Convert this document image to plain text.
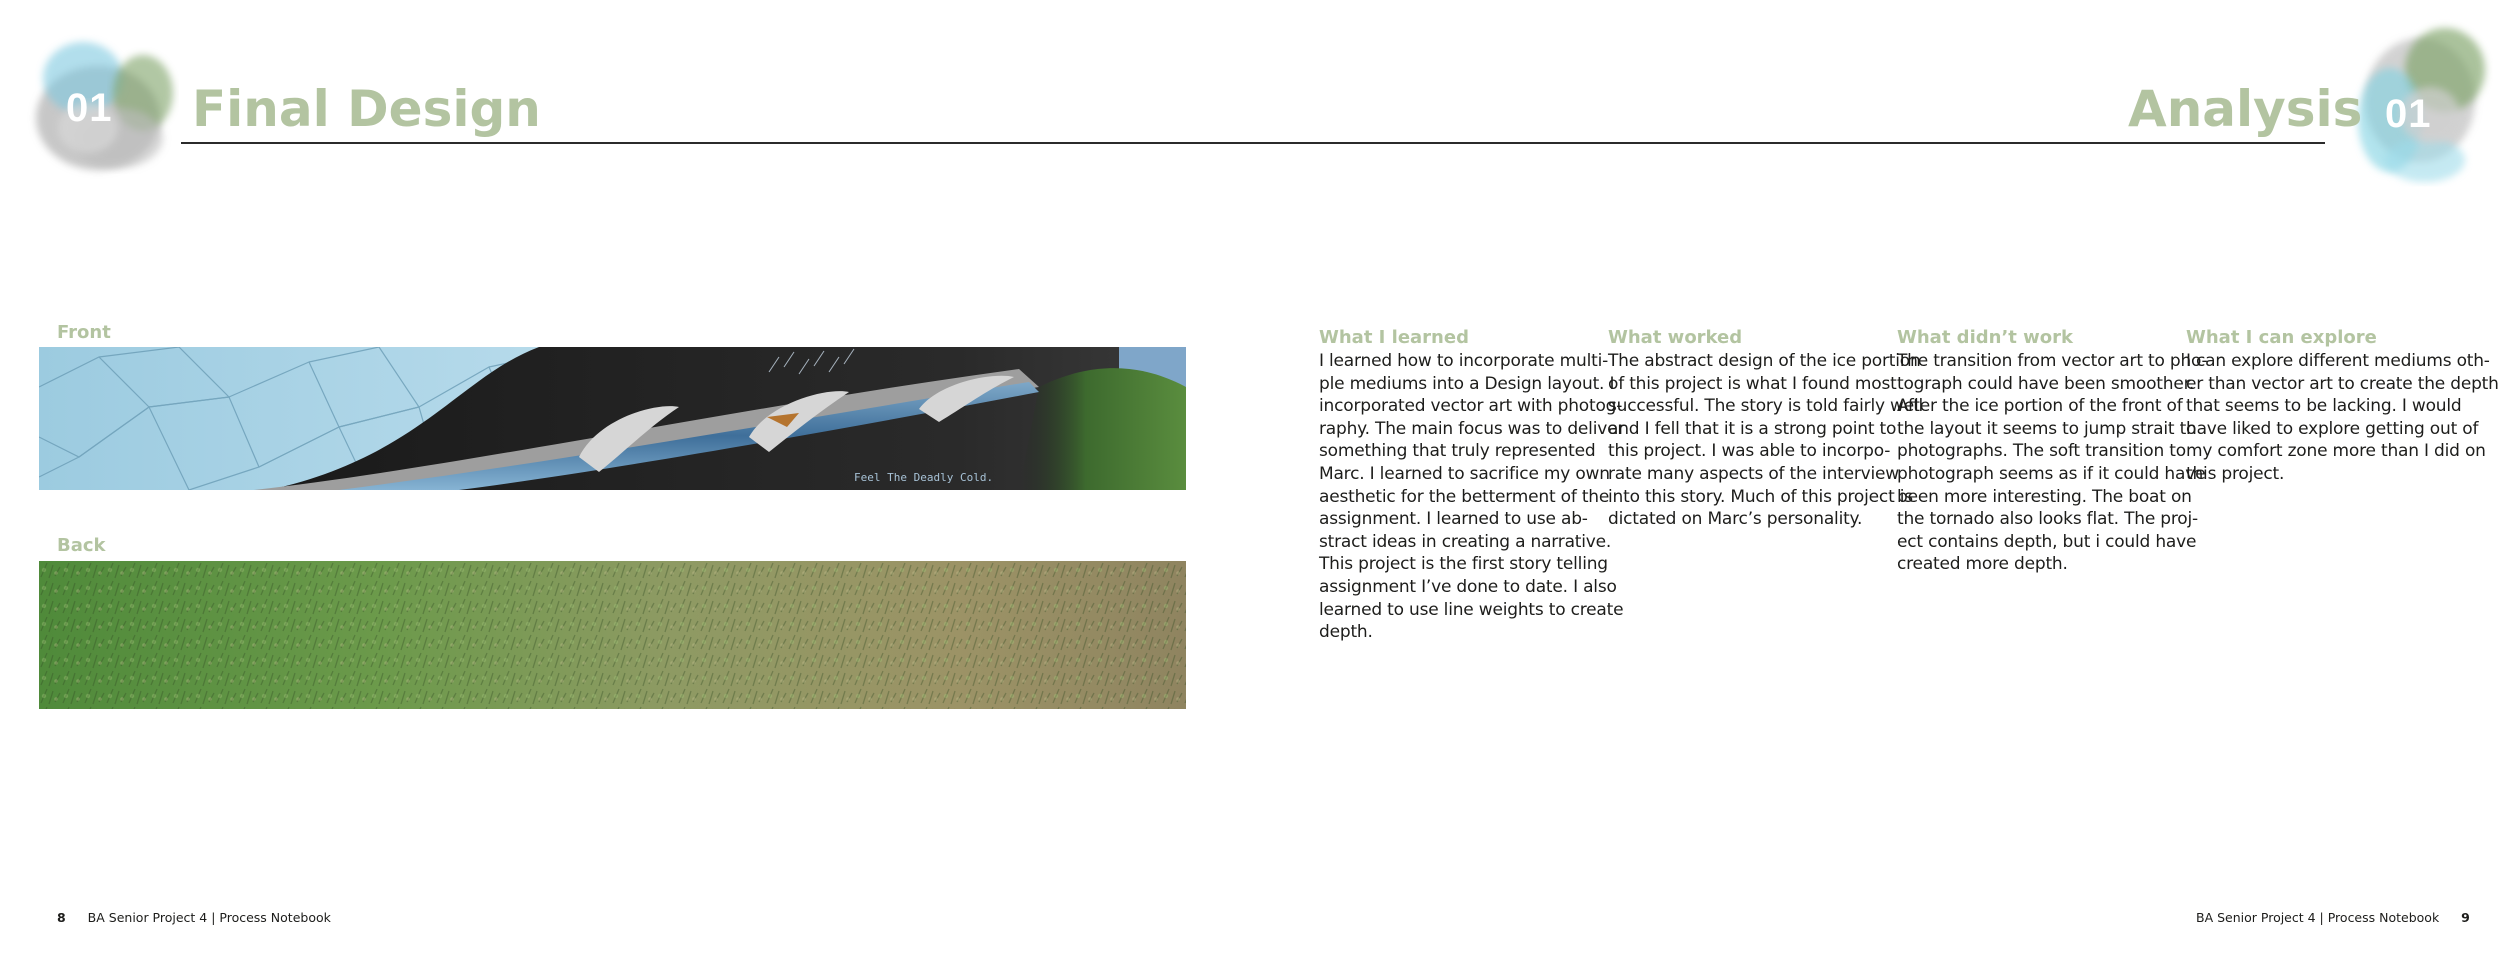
01 Final Design	01
Analysis
Front
Feel The Deadly Cold.
Back
What I learned
I learned how to incorporate multi-
ple mediums into a Design layout. I
incorporated vector art with photog-
raphy. The main focus was to deliver
something that truly represented
Marc. I learned to sacrifice my own
aesthetic for the betterment of the
assignment. I learned to use ab-
stract ideas in creating a narrative.
This project is the first story telling
assignment I’ve done to date. I also
learned to use line weights to create
depth.
What worked
The abstract design of the ice portion
of this project is what I found most
successful. The story is told fairly well
and I fell that it is a strong point to
this project. I was able to incorpo-
rate many aspects of the interview
into this story. Much of this project is
dictated on Marc’s personality.
What didn’t work
The transition from vector art to pho-
tograph could have been smoother.
After the ice portion of the front of
the layout it seems to jump strait to
photographs. The soft transition to
photograph seems as if it could have
been more interesting. The boat on
the tornado also looks flat. The proj-
ect contains depth, but i could have
created more depth.
What I can explore
I can explore different mediums oth-
er than vector art to create the depth
that seems to be lacking. I would
have liked to explore getting out of
my comfort zone more than I did on
this project.
8 BA Senior Project 4 | Process Notebook	BA Senior Project 4 | Process Notebook 9
